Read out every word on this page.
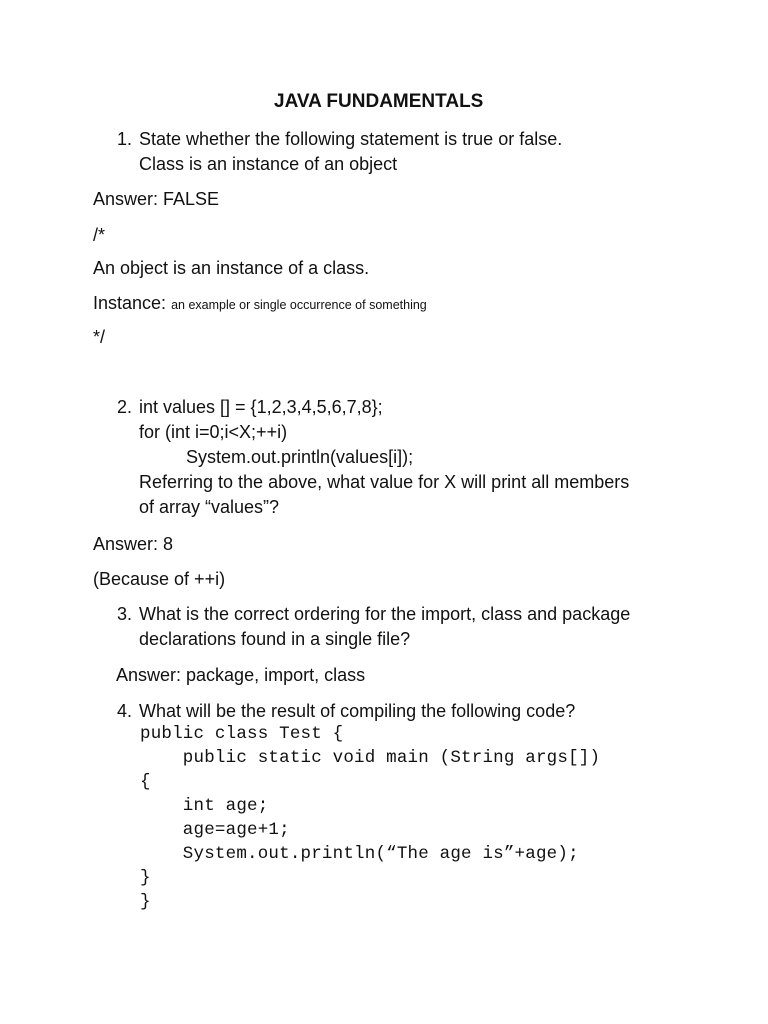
JAVA FUNDAMENTALS
1. State whether the following statement is true or false.
Class is an instance of an object
Answer: FALSE
/*
An object is an instance of a class.
Instance: an example or single occurrence of something
*/
2. int values [] = {1,2,3,4,5,6,7,8};
for (int i=0;i<X;++i)
System.out.println(values[i]);
Referring to the above, what value for X will print all members
of array “values”?
Answer: 8
(Because of ++i)
3. What is the correct ordering for the import, class and package
declarations found in a single file?
Answer: package, import, class
4. What will be the result of compiling the following code?
public class Test {
public static void main (String args[])
{
int age;
age=age+1;
System.out.println(“The age is”+age);
}
}
